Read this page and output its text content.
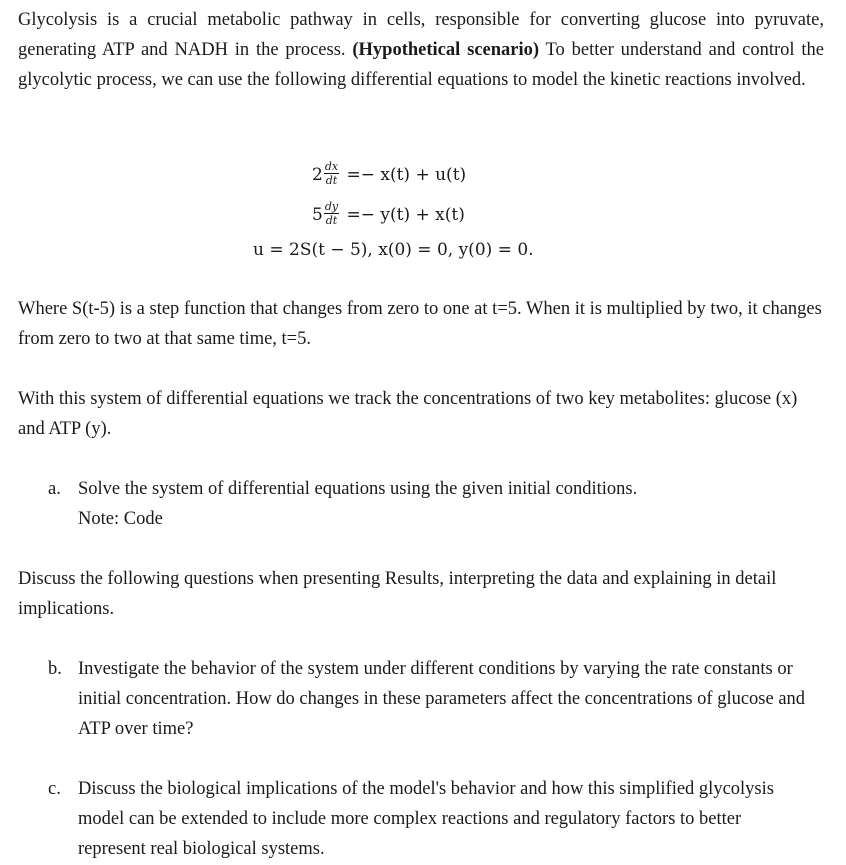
Glycolysis is a crucial metabolic pathway in cells, responsible for converting glucose into pyruvate, generating ATP and NADH in the process. (Hypothetical scenario) To better understand and control the glycolytic process, we can use the following differential equations to model the kinetic reactions involved.

$2 \frac{dx}{dt} =- x(t) + u(t)$
$5 \frac{dy}{dt} =- y(t) + x(t)$
u = 2S(t − 5), x(0) = 0, y(0) = 0.

Where S(t-5) is a step function that changes from zero to one at t=5. When it is multiplied by two, it changes from zero to two at that same time, t=5.

With this system of differential equations we track the concentrations of two key metabolites: glucose (x) and ATP (y).

a. Solve the system of differential equations using the given initial conditions.
Note: Code

Discuss the following questions when presenting Results, interpreting the data and explaining in detail implications.

b. Investigate the behavior of the system under different conditions by varying the rate constants or initial concentration. How do changes in these parameters affect the concentrations of glucose and ATP over time?
c. Discuss the biological implications of the model's behavior and how this simplified glycolysis model can be extended to include more complex reactions and regulatory factors to better represent real biological systems.
